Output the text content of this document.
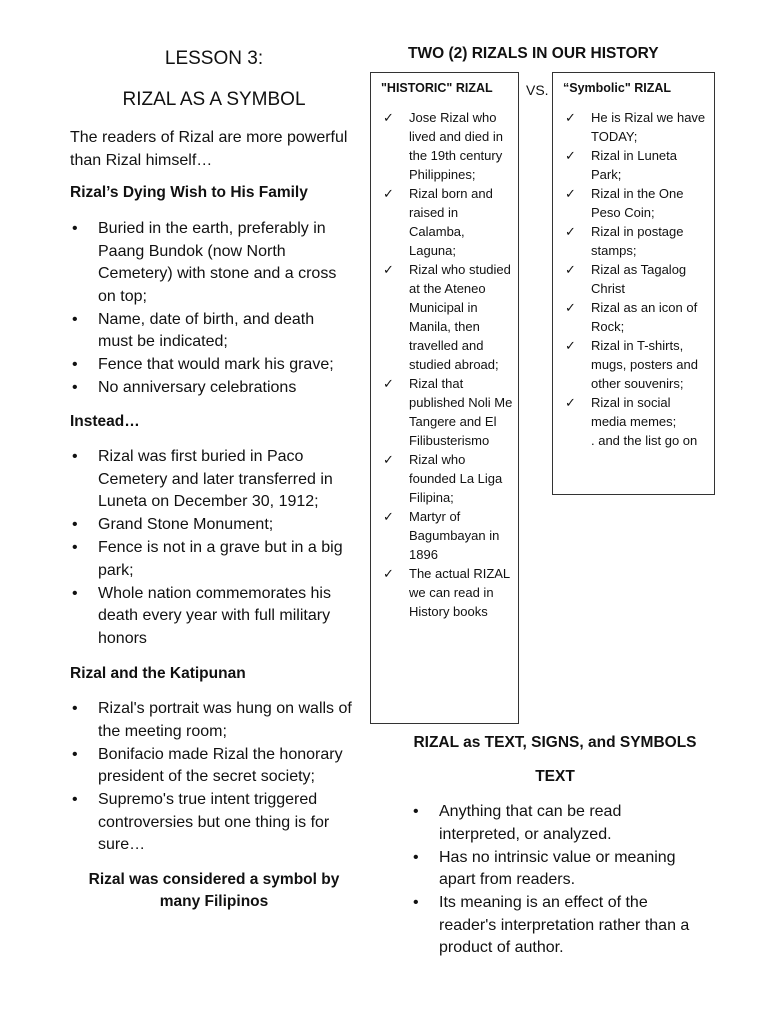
LESSON 3:
RIZAL AS A SYMBOL

The readers of Rizal are more powerful than Rizal himself…

Rizal’s Dying Wish to His Family
• Buried in the earth, preferably in Paang Bundok (now North Cemetery) with stone and a cross on top;
• Name, date of birth, and death must be indicated;
• Fence that would mark his grave;
• No anniversary celebrations
Instead…
• Rizal was first buried in Paco Cemetery and later transferred in Luneta on December 30, 1912;
• Grand Stone Monument;
• Fence is not in a grave but in a big park;
• Whole nation commemorates his death every year with full military honors
Rizal and the Katipunan
• Rizal's portrait was hung on walls of the meeting room;
• Bonifacio made Rizal the honorary president of the secret society;
• Supremo's true intent triggered controversies but one thing is for sure…

Rizal was considered a symbol by many Filipinos

TWO (2) RIZALS IN OUR HISTORY
VS.
"HISTORIC" RIZAL
✓ Jose Rizal who lived and died in the 19th century Philippines;
✓ Rizal born and raised in Calamba, Laguna;
✓ Rizal who studied at the Ateneo Municipal in Manila, then travelled and studied abroad;
✓ Rizal that published Noli Me Tangere and El Filibusterismo
✓ Rizal who founded La Liga Filipina;
✓ Martyr of Bagumbayan in 1896
✓ The actual RIZAL we can read in History books
“Symbolic" RIZAL
✓ He is Rizal we have TODAY;
✓ Rizal in Luneta Park;
✓ Rizal in the One Peso Coin;
✓ Rizal in postage stamps;
✓ Rizal as Tagalog Christ
✓ Rizal as an icon of Rock;
✓ Rizal in T-shirts, mugs, posters and other souvenirs;
✓ Rizal in social media memes;
. and the list go on
RIZAL as TEXT, SIGNS, and SYMBOLS
TEXT
• Anything that can be read interpreted, or analyzed.
• Has no intrinsic value or meaning apart from readers.
• Its meaning is an effect of the reader's interpretation rather than a product of author.
